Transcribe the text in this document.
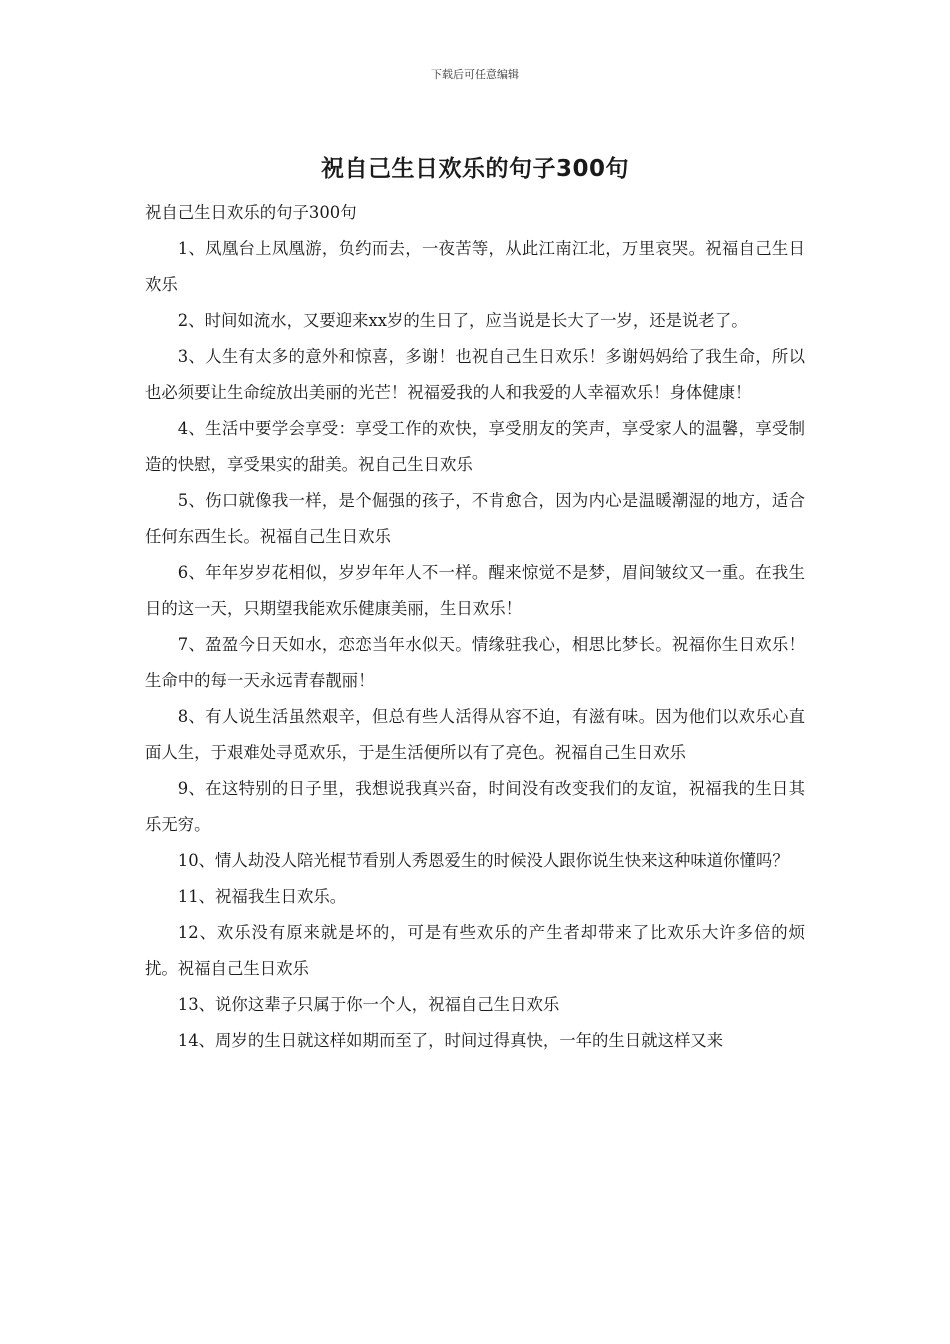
下载后可任意编辑
祝自己生日欢乐的句子300句

祝自己生日欢乐的句子300句

1、凤凰台上凤凰游，负约而去，一夜苦等，从此江南江北，万里哀哭。祝福自己生日欢乐

2、时间如流水，又要迎来xx岁的生日了，应当说是长大了一岁，还是说老了。

3、人生有太多的意外和惊喜，多谢！也祝自己生日欢乐！多谢妈妈给了我生命，所以也必须要让生命绽放出美丽的光芒！祝福爱我的人和我爱的人幸福欢乐！身体健康！

4、生活中要学会享受：享受工作的欢快，享受朋友的笑声，享受家人的温馨，享受制造的快慰，享受果实的甜美。祝自己生日欢乐

5、伤口就像我一样，是个倔强的孩子，不肯愈合，因为内心是温暖潮湿的地方，适合任何东西生长。祝福自己生日欢乐

6、年年岁岁花相似，岁岁年年人不一样。醒来惊觉不是梦，眉间皱纹又一重。在我生日的这一天，只期望我能欢乐健康美丽，生日欢乐！

7、盈盈今日天如水，恋恋当年水似天。情缘驻我心，相思比梦长。祝福你生日欢乐！生命中的每一天永远青春靓丽！

8、有人说生活虽然艰辛，但总有些人活得从容不迫，有滋有味。因为他们以欢乐心直面人生，于艰难处寻觅欢乐，于是生活便所以有了亮色。祝福自己生日欢乐

9、在这特别的日子里，我想说我真兴奋，时间没有改变我们的友谊，祝福我的生日其乐无穷。

10、情人劫没人陪光棍节看别人秀恩爱生的时候没人跟你说生快来这种味道你懂吗？

11、祝福我生日欢乐。

12、欢乐没有原来就是坏的，可是有些欢乐的产生者却带来了比欢乐大许多倍的烦扰。祝福自己生日欢乐

13、说你这辈子只属于你一个人，祝福自己生日欢乐

14、周岁的生日就这样如期而至了，时间过得真快，一年的生日就这样又来
